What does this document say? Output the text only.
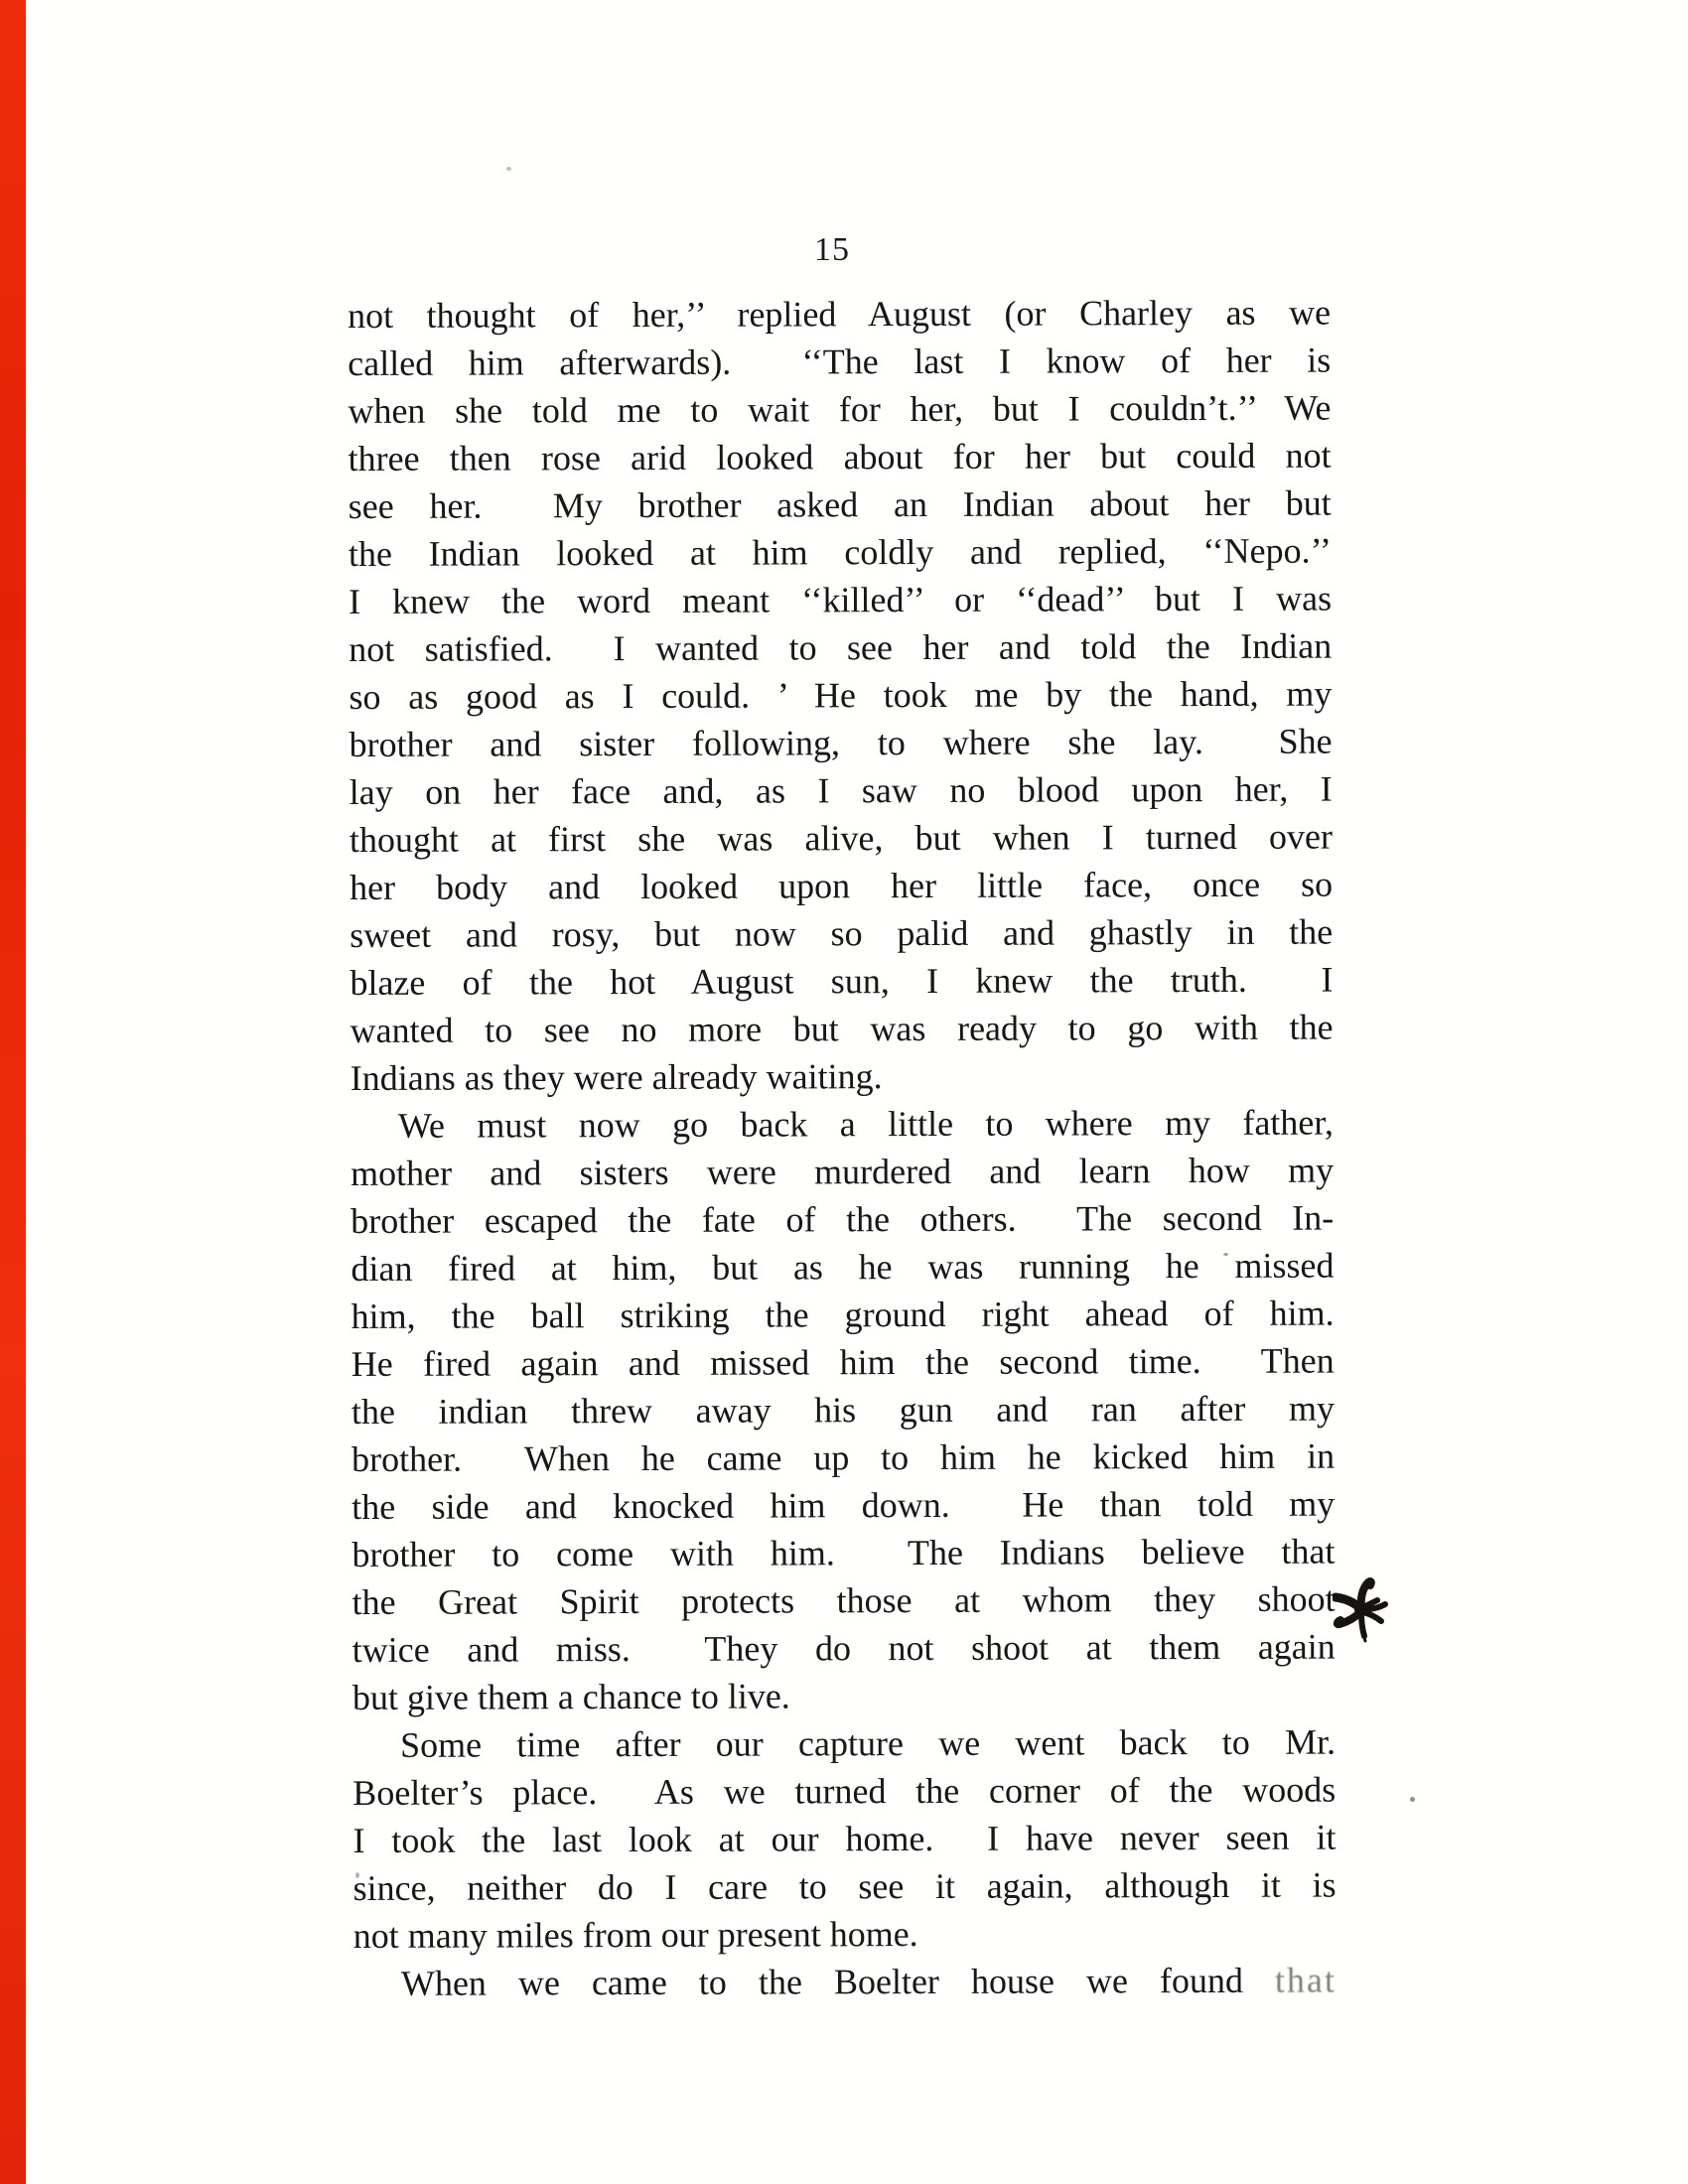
15
not thought of her,’’ replied August (or Charley as we
called him afterwards).  ‘‘The last I know of her is
when she told me to wait for her, but I couldn’t.’’ We
three then rose arid looked about for her but could not
see her.  My brother asked an Indian about her but
the Indian looked at him coldly and replied, ‘‘Nepo.’’
I knew the word meant ‘‘killed’’ or ‘‘dead’’ but I was
not satisfied.  I wanted to see her and told the Indian
so as good as I could. ’ He took me by the hand, my
brother and sister following, to where she lay.  She
lay on her face and, as I saw no blood upon her, I
thought at first she was alive, but when I turned over
her body and looked upon her little face, once so
sweet and rosy, but now so palid and ghastly in the
blaze of the hot August sun, I knew the truth.  I
wanted to see no more but was ready to go with the
Indians as they were already waiting.
We must now go back a little to where my father,
mother and sisters were murdered and learn how my
brother escaped the fate of the others.  The second In-
dian fired at him, but as he was running he missed
him, the ball striking the ground right ahead of him.
He fired again and missed him the second time.  Then
the indian threw away his gun and ran after my
brother.  When he came up to him he kicked him in
the side and knocked him down.  He than told my
brother to come with him.  The Indians believe that
the Great Spirit protects those at whom they shoot
twice and miss.  They do not shoot at them again
but give them a chance to live.
Some time after our capture we went back to Mr.
Boelter’s place.  As we turned the corner of the woods
I took the last look at our home.  I have never seen it
since, neither do I care to see it again, although it is
not many miles from our present home.
When we came to the Boelter house we found that
